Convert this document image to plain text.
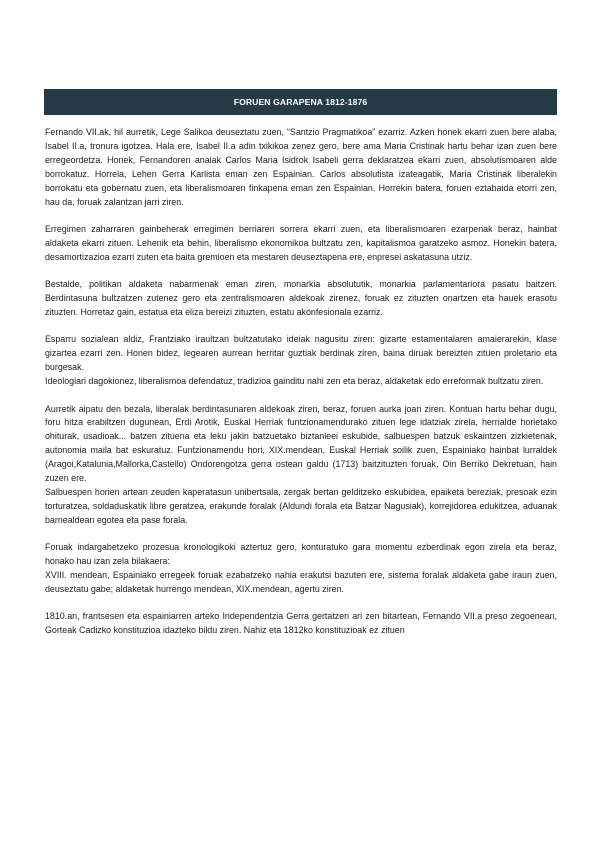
FORUEN GARAPENA 1812-1876

Fernando VII.ak, hil aurretik, Lege Salikoa deuseztatu zuen, “Santzio Pragmatikoa” ezarriz. Azken honek ekarri zuen bere alaba, Isabel II.a, tronura igotzea. Hala ere, Isabel II.a adin txikikoa zenez gero, bere ama Maria Cristinak hartu behar izan zuen bere erregeordetza. Honek, Fernandoren anaiak Carlos Maria Isidrok Isabeli gerra deklaratzea ekarri zuen, absolutismoaren alde borrokatuz. Horrela, Lehen Gerra Karlista eman zen Espainian. Carlos absolutista izateagatik, Maria Cristinak liberalekin borrokatu eta gobernatu zuen, eta liberalismoaren finkapena eman zen Espainian. Horrekin batera, foruen eztabaida etorri zen, hau da, foruak zalantzan jarri ziren.

Erregimen zaharraren gainbeherak erregimen berriaren sorrera ekarri zuen, eta liberalismoaren ezarpenak beraz, hainbat aldaketa ekarri zituen. Lehenik eta behin, liberalismo ekonomikoa bultzatu zen, kapitalismoa garatzeko asmoz. Honekin batera, desamortizazioa ezarri zuten eta baita gremioen eta mestaren deuseztapena ere, enpresei askatasuna utziz.

Bestalde, politikan aldaketa nabarmenak eman ziren, monarkia absolututik, monarkia parlamentariora pasatu baitzen. Berdintasuna bultzatzen zutenez gero eta zentralismoaren aldekoak zirenez, foruak ez zituzten onartzen eta hauek erasotu zituzten. Horretaz gain, estatua eta eliza bereizi zituzten, estatu akonfesionala ezarriz.

Esparru sozialean aldiz, Frantziako iraultzan bultzatutako ideiak nagusitu ziren: gizarte estamentalaren amaierarekin, klase gizartea ezarri zen. Honen bidez, legearen aurrean herritar guztiak berdinak ziren, baina diruak bereizten zituen proletario eta burgesak.
Ideologiari dagokionez, liberalismoa defendatuz, tradizioa gainditu nahi zen eta beraz, aldaketak edo erreformak bultzatu ziren.

Aurretik aipatu den bezala, liberalak berdintasunaren aldekoak ziren, beraz, foruen aurka joan ziren. Kontuan hartu behar dugu, foru hitza erabiltzen dugunean, Erdi Arotik, Euskal Herriak funtzionamendurako zituen lege idatziak zirela, herrialde horietako ohiturak, usadioak... batzen zituena eta leku jakin batzuetako biztanleei eskubide, salbuespen batzuk eskaintzen zizkietenak, autonomia maila bat eskuratuz. Funtzionamendu hori, XIX.mendean, Euskal Herriak soilik zuen, Espainiako hainbat lurraldek (Aragoi,Katalunia,Mallorka,Castello) Ondorengotza gerra ostean galdu (1713) baitzituzten foruak, Oin Berriko Dekretuan, hain zuzen ere.
Salbuespen horien artean zeuden kaperatasun unibertsala, zergak bertan gelditzeko eskubidea, epaiketa bereziak, presoak ezin torturatzea, soldaduskatik libre geratzea, erakunde foralak (Aldundi forala eta Batzar Nagusiak), korrejidorea edukitzea, aduanak barnealdean egotea eta pase forala.

Foruak indargabetzeko prozesua kronologikoki aztertuz gero, konturatuko gara momentu ezberdinak egon zirela eta beraz, honako hau izan zela bilakaera:
XVIII. mendean, Espainiako erregeek foruak ezabatzeko nahia erakutsi bazuten ere, sistema foralak aldaketa gabe iraun zuen, deuseztatu gabe; aldaketak hurrengo mendean, XIX.mendean, agertu ziren.

1810.an, frantsesen eta espainiarren arteko Independentzia Gerra gertatzen ari zen bitartean, Fernando VII.a preso zegoenean, Gorteak Cadizko konstituzioa idazteko bildu ziren. Nahiz eta 1812ko konstituzioak ez zituen
